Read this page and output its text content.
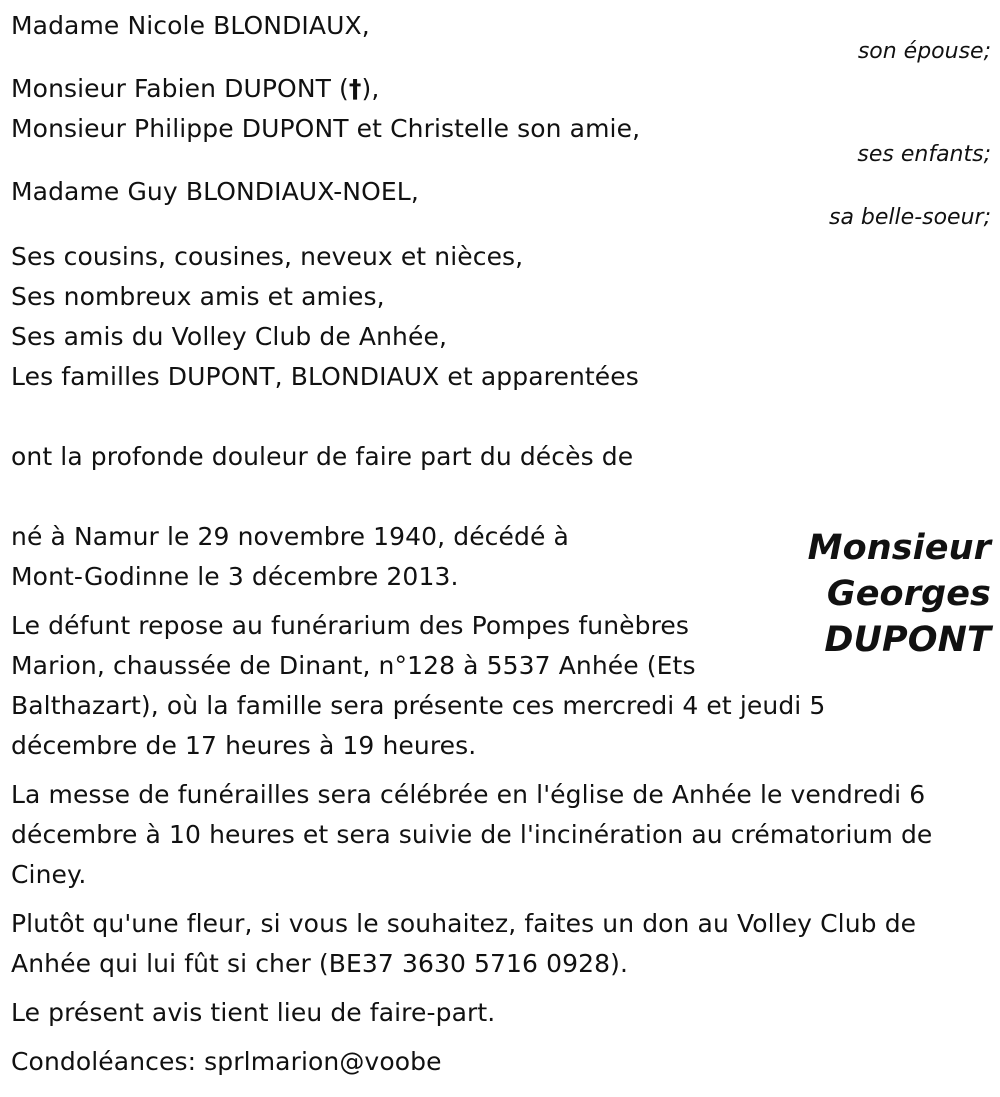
Madame Nicole BLONDIAUX,
son épouse;
Monsieur Fabien DUPONT (†),
Monsieur Philippe DUPONT et Christelle son amie,
ses enfants;
Madame Guy BLONDIAUX-NOEL,
sa belle-soeur;
Ses cousins, cousines, neveux et nièces,
Ses nombreux amis et amies,
Ses amis du Volley Club de Anhée,
Les familles DUPONT, BLONDIAUX et apparentées
ont la profonde douleur de faire part du décès de
Monsieur
Georges
DUPONT
né à Namur le 29 novembre 1940, décédé à
Mont-Godinne le 3 décembre 2013.
Le défunt repose au funérarium des Pompes funèbres
Marion, chaussée de Dinant, n°128 à 5537 Anhée (Ets
Balthazart), où la famille sera présente ces mercredi 4 et jeudi 5
décembre de 17 heures à 19 heures.
La messe de funérailles sera célébrée en l'église de Anhée le vendredi 6
décembre à 10 heures et sera suivie de l'incinération au crématorium de
Ciney.
Plutôt qu'une fleur, si vous le souhaitez, faites un don au Volley Club de
Anhée qui lui fût si cher (BE37 3630 5716 0928).
Le présent avis tient lieu de faire-part.
Condoléances: sprlmarion@voobe
